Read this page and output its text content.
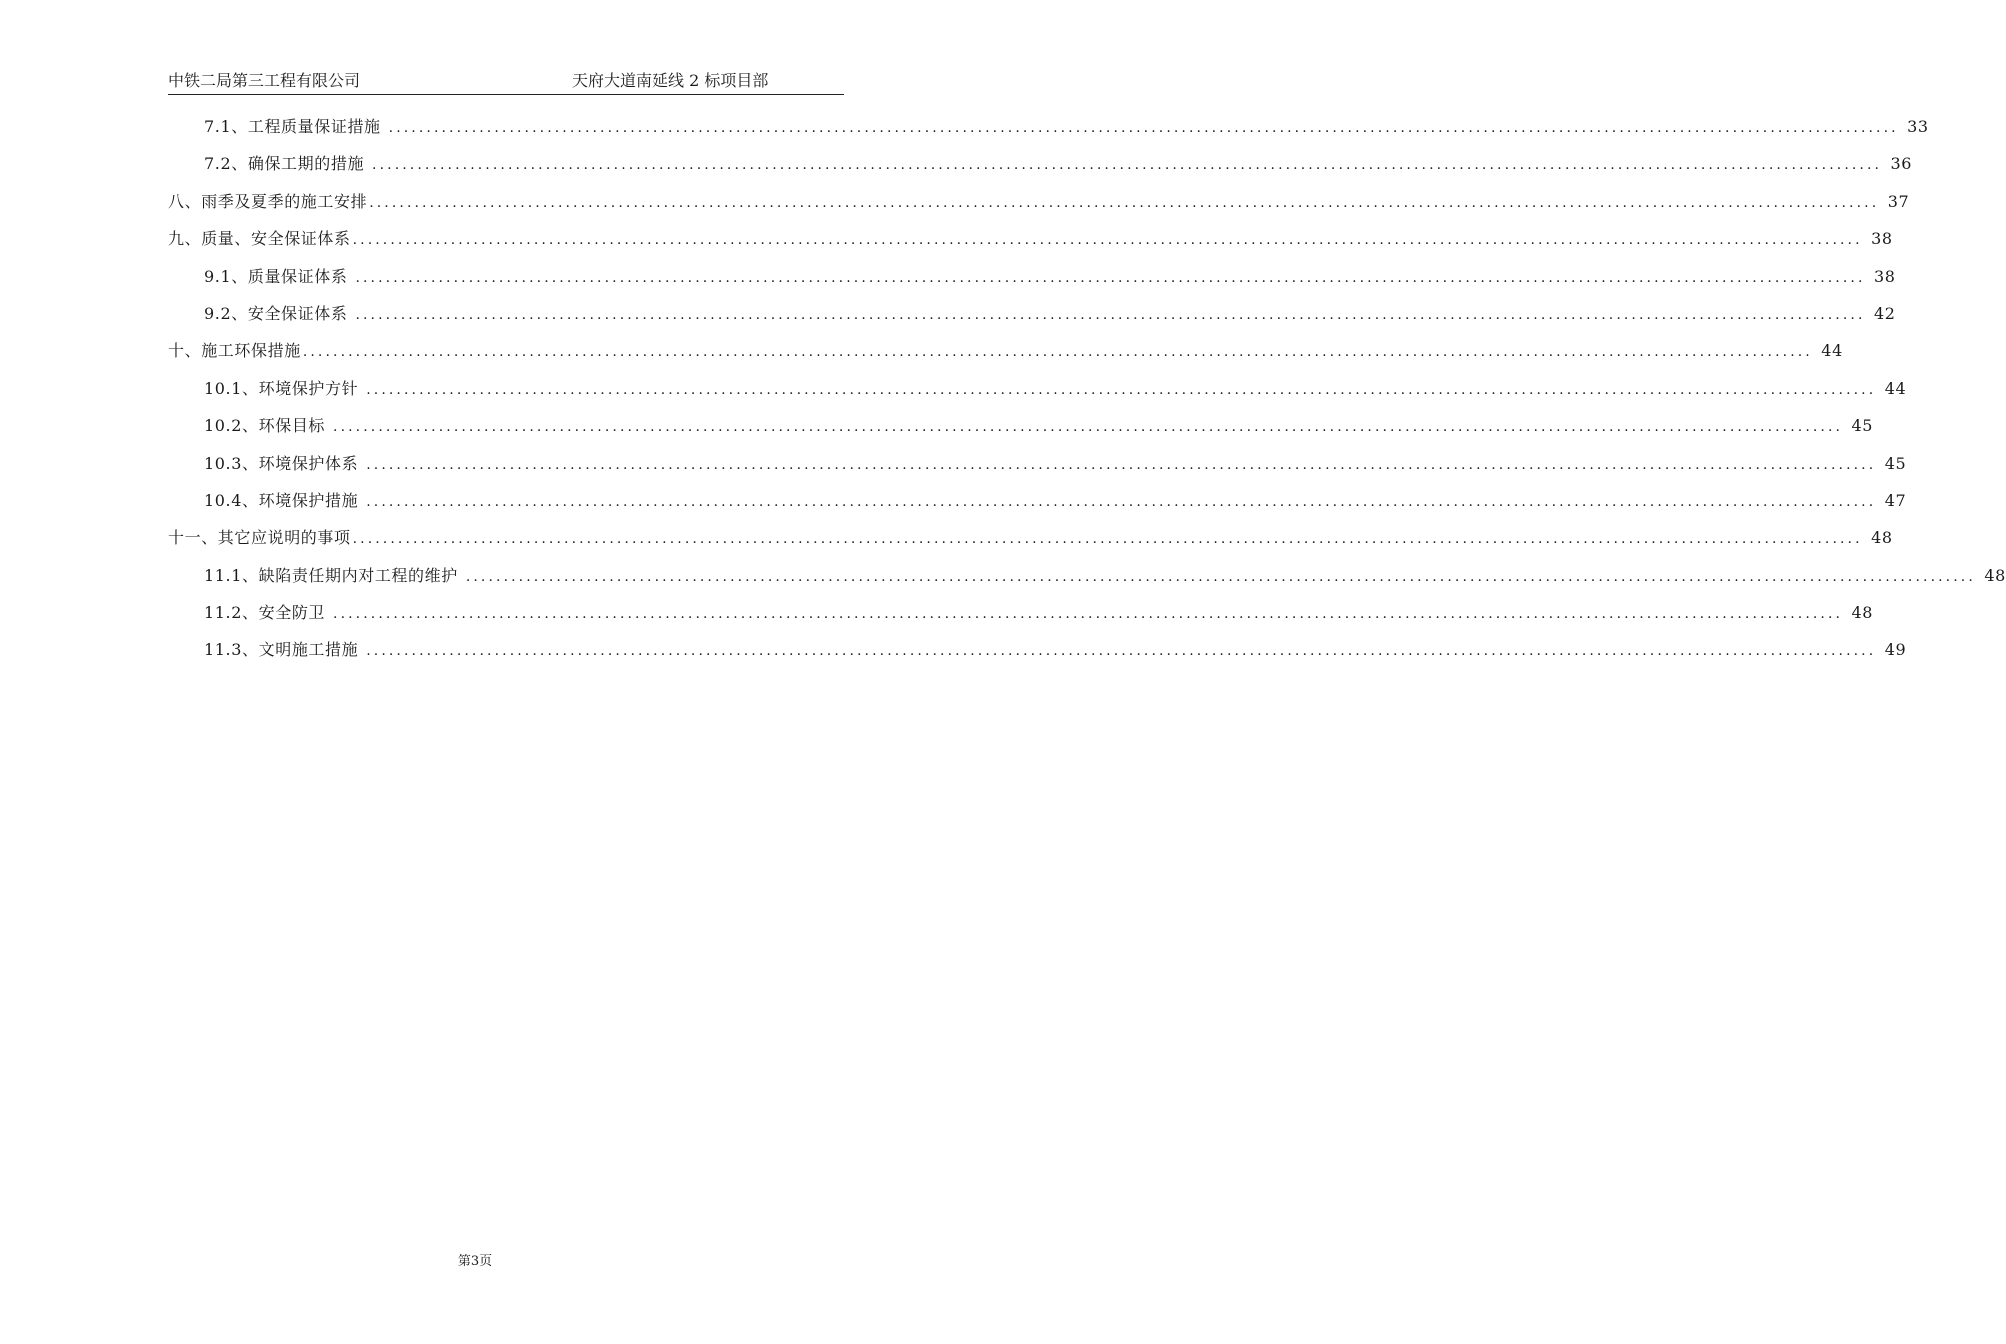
中铁二局第三工程有限公司	天府大道南延线 2 标项目部
7.1、工程质量保证措施 ........................................................................................................................................................................................................ 33
7.2、确保工期的措施 ........................................................................................................................................................................................................ 36
八、雨季及夏季的施工安排 ........................................................................................................................................................................................................ 37
九、质量、安全保证体系 ........................................................................................................................................................................................................ 38
9.1、质量保证体系 ........................................................................................................................................................................................................ 38
9.2、安全保证体系 ........................................................................................................................................................................................................ 42
十、施工环保措施 ........................................................................................................................................................................................................ 44
10.1、环境保护方针 ........................................................................................................................................................................................................ 44
10.2、环保目标 ........................................................................................................................................................................................................ 45
10.3、环境保护体系 ........................................................................................................................................................................................................ 45
10.4、环境保护措施 ........................................................................................................................................................................................................ 47
十一、其它应说明的事项 ........................................................................................................................................................................................................ 48
11.1、缺陷责任期内对工程的维护 ........................................................................................................................................................................................................ 48
11.2、安全防卫 ........................................................................................................................................................................................................ 48
11.3、文明施工措施 ........................................................................................................................................................................................................ 49
第3页
